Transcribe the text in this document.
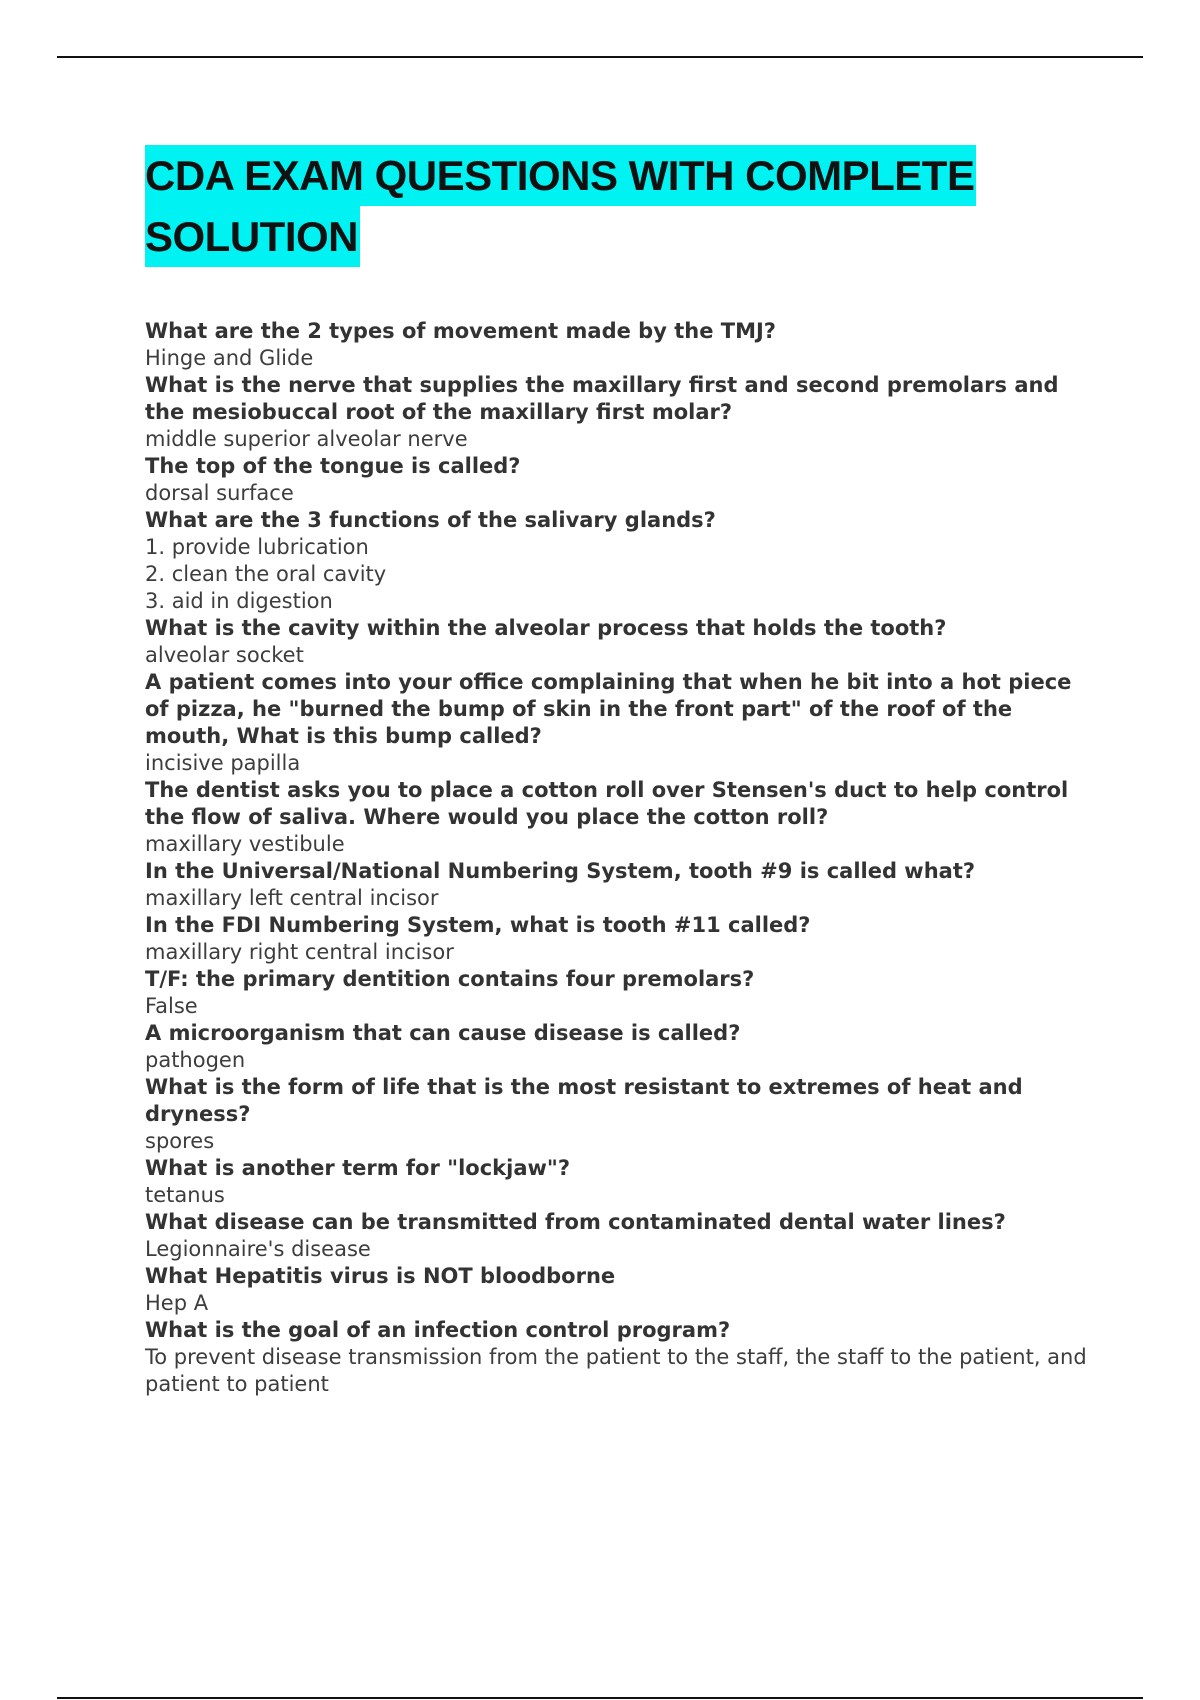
CDA EXAM QUESTIONS WITH COMPLETE
SOLUTION

What are the 2 types of movement made by the TMJ?

Hinge and Glide

What is the nerve that supplies the maxillary first and second premolars and the mesiobuccal root of the maxillary first molar?

middle superior alveolar nerve

The top of the tongue is called?

dorsal surface

What are the 3 functions of the salivary glands?

1. provide lubrication

2. clean the oral cavity

3. aid in digestion

What is the cavity within the alveolar process that holds the tooth?

alveolar socket

A patient comes into your office complaining that when he bit into a hot piece of pizza, he "burned the bump of skin in the front part" of the roof of the mouth, What is this bump called?

incisive papilla

The dentist asks you to place a cotton roll over Stensen's duct to help control the flow of saliva. Where would you place the cotton roll?

maxillary vestibule

In the Universal/National Numbering System, tooth #9 is called what?

maxillary left central incisor

In the FDI Numbering System, what is tooth #11 called?

maxillary right central incisor

T/F: the primary dentition contains four premolars?

False

A microorganism that can cause disease is called?

pathogen

What is the form of life that is the most resistant to extremes of heat and dryness?

spores

What is another term for "lockjaw"?

tetanus

What disease can be transmitted from contaminated dental water lines?

Legionnaire's disease

What Hepatitis virus is NOT bloodborne

Hep A

What is the goal of an infection control program?

To prevent disease transmission from the patient to the staff, the staff to the patient, and patient to patient
